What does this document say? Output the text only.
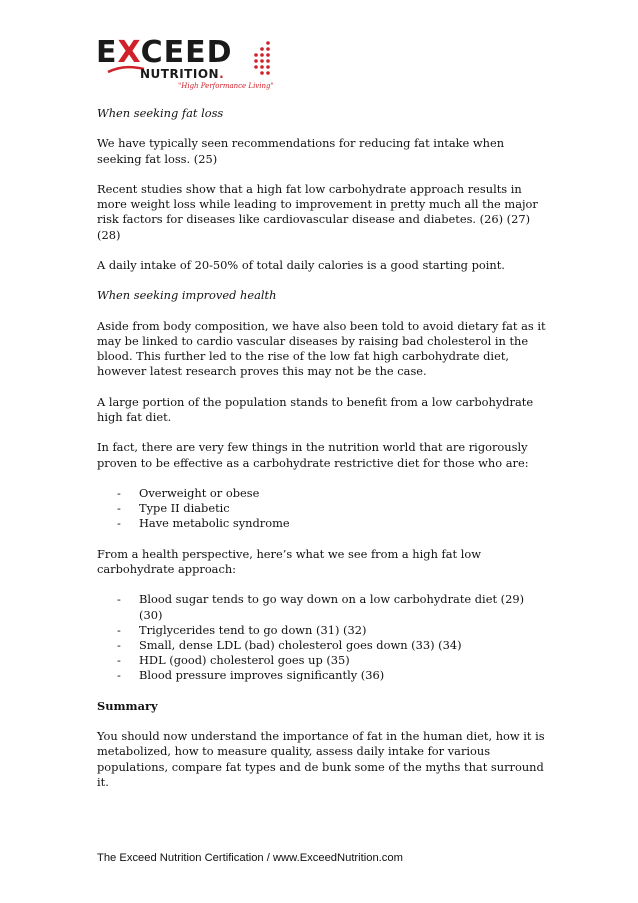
EXCEED
NUTRITION.
"High Performance Living"

When seeking fat loss

We have typically seen recommendations for reducing fat intake when seeking fat loss. (25)

Recent studies show that a high fat low carbohydrate approach results in more weight loss while leading to improvement in pretty much all the major risk factors for diseases like cardiovascular disease and diabetes. (26) (27) (28)

A daily intake of 20-50% of total daily calories is a good starting point.

When seeking improved health

Aside from body composition, we have also been told to avoid dietary fat as it may be linked to cardio vascular diseases by raising bad cholesterol in the blood. This further led to the rise of the low fat high carbohydrate diet, however latest research proves this may not be the case.

A large portion of the population stands to benefit from a low carbohydrate high fat diet.

In fact, there are very few things in the nutrition world that are rigorously proven to be effective as a carbohydrate restrictive diet for those who are:

- Overweight or obese
- Type II diabetic
- Have metabolic syndrome

From a health perspective, here’s what we see from a high fat low carbohydrate approach:

- Blood sugar tends to go way down on a low carbohydrate diet (29) (30)
- Triglycerides tend to go down (31) (32)
- Small, dense LDL (bad) cholesterol goes down (33) (34)
- HDL (good) cholesterol goes up (35)
- Blood pressure improves significantly (36)

Summary

You should now understand the importance of fat in the human diet, how it is metabolized, how to measure quality, assess daily intake for various populations, compare fat types and de bunk some of the myths that surround it.

The Exceed Nutrition Certification / www.ExceedNutrition.com
